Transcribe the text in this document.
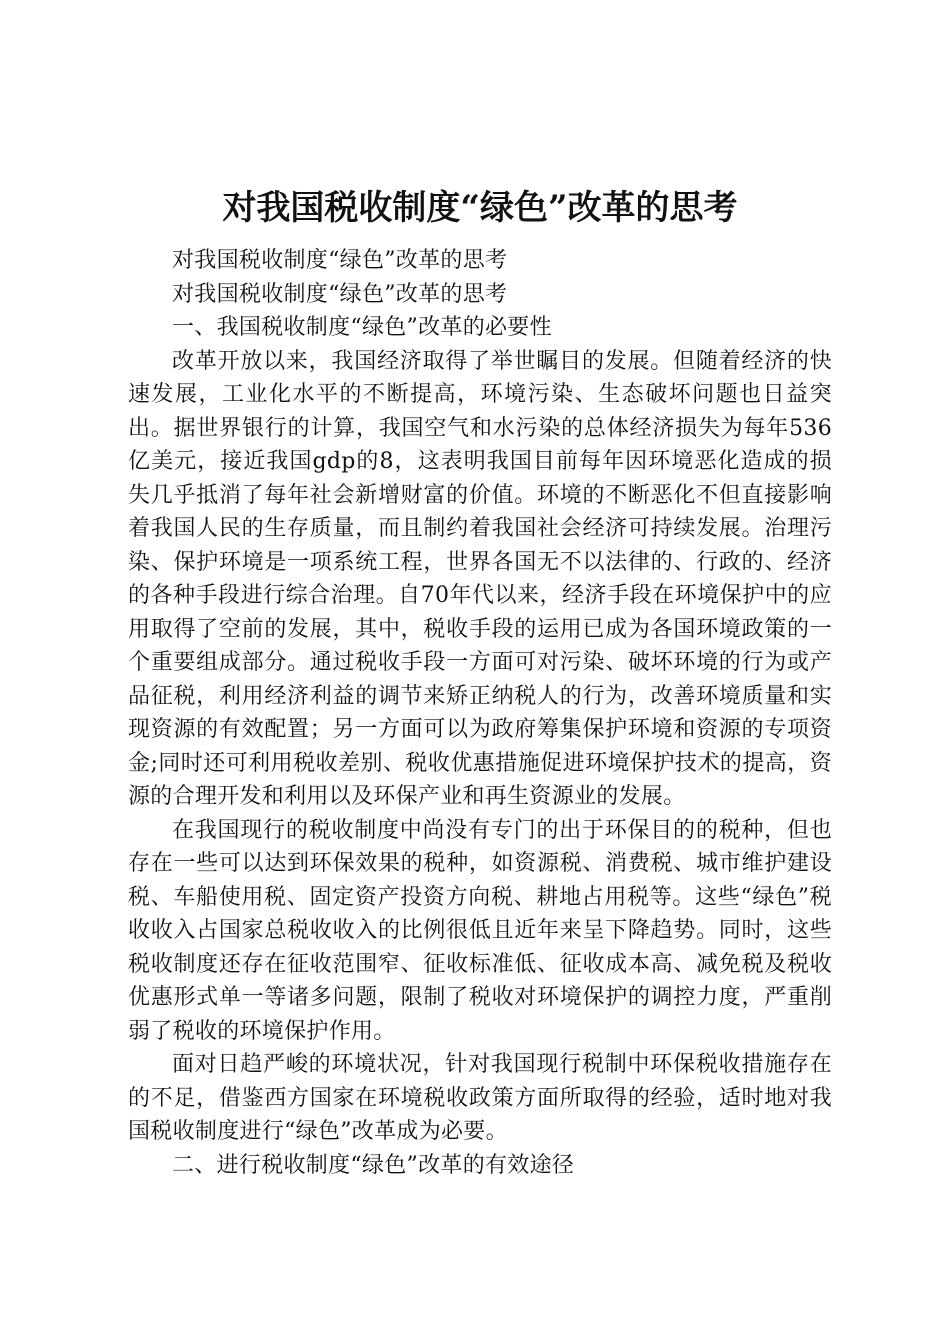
对我国税收制度“绿色”改革的思考

对我国税收制度“绿色”改革的思考

对我国税收制度“绿色”改革的思考

一、我国税收制度“绿色”改革的必要性

改革开放以来，我国经济取得了举世瞩目的发展。但随着经济的快速发展，工业化水平的不断提高，环境污染、生态破坏问题也日益突出。据世界银行的计算，我国空气和水污染的总体经济损失为每年536亿美元，接近我国gdp的8，这表明我国目前每年因环境恶化造成的损失几乎抵消了每年社会新增财富的价值。环境的不断恶化不但直接影响着我国人民的生存质量，而且制约着我国社会经济可持续发展。治理污染、保护环境是一项系统工程，世界各国无不以法律的、行政的、经济的各种手段进行综合治理。自70年代以来，经济手段在环境保护中的应用取得了空前的发展，其中，税收手段的运用已成为各国环境政策的一个重要组成部分。通过税收手段一方面可对污染、破坏环境的行为或产品征税，利用经济利益的调节来矫正纳税人的行为，改善环境质量和实现资源的有效配置；另一方面可以为政府筹集保护环境和资源的专项资金;同时还可利用税收差别、税收优惠措施促进环境保护技术的提高，资源的合理开发和利用以及环保产业和再生资源业的发展。

在我国现行的税收制度中尚没有专门的出于环保目的的税种，但也存在一些可以达到环保效果的税种，如资源税、消费税、城市维护建设税、车船使用税、固定资产投资方向税、耕地占用税等。这些“绿色”税收收入占国家总税收收入的比例很低且近年来呈下降趋势。同时，这些税收制度还存在征收范围窄、征收标准低、征收成本高、减免税及税收优惠形式单一等诸多问题，限制了税收对环境保护的调控力度，严重削弱了税收的环境保护作用。

面对日趋严峻的环境状况，针对我国现行税制中环保税收措施存在的不足，借鉴西方国家在环境税收政策方面所取得的经验，适时地对我国税收制度进行“绿色”改革成为必要。

二、进行税收制度“绿色”改革的有效途径
